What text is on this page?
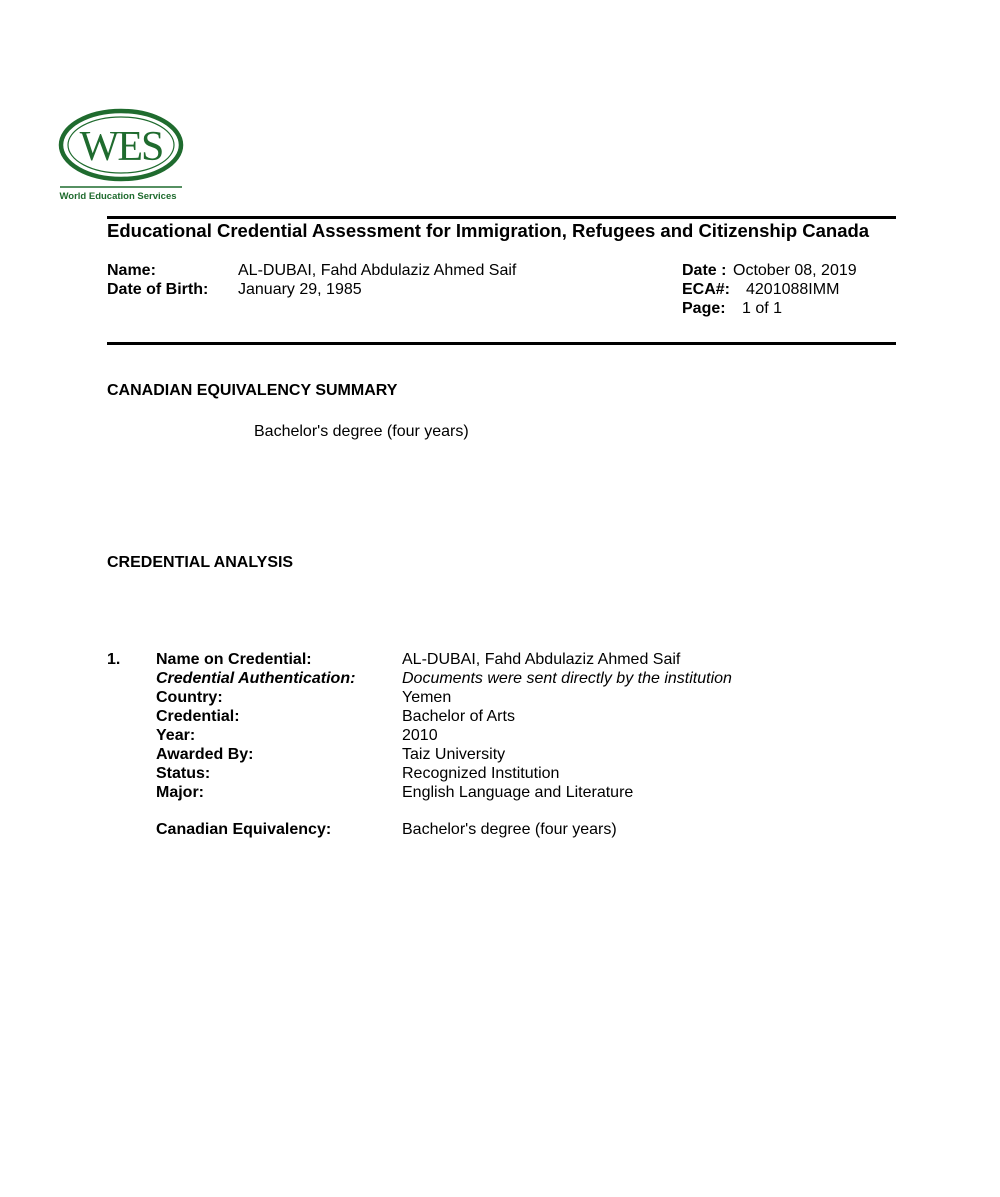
WES
World Education Services
Educational Credential Assessment for Immigration, Refugees and Citizenship Canada
Name:	AL-DUBAI, Fahd Abdulaziz Ahmed Saif
Date of Birth: January 29, 1985
Date : October 08, 2019
ECA#: 4201088IMM
Page: 1 of 1
CANADIAN EQUIVALENCY SUMMARY
Bachelor's degree (four years)
CREDENTIAL ANALYSIS
1. Name on Credential:	AL-DUBAI, Fahd Abdulaziz Ahmed Saif
Credential Authentication:	Documents were sent directly by the institution
Country:	Yemen
Credential:	Bachelor of Arts
Year:	2010
Awarded By:	Taiz University
Status:	Recognized Institution
Major:	English Language and Literature
Canadian Equivalency:	Bachelor's degree (four years)
